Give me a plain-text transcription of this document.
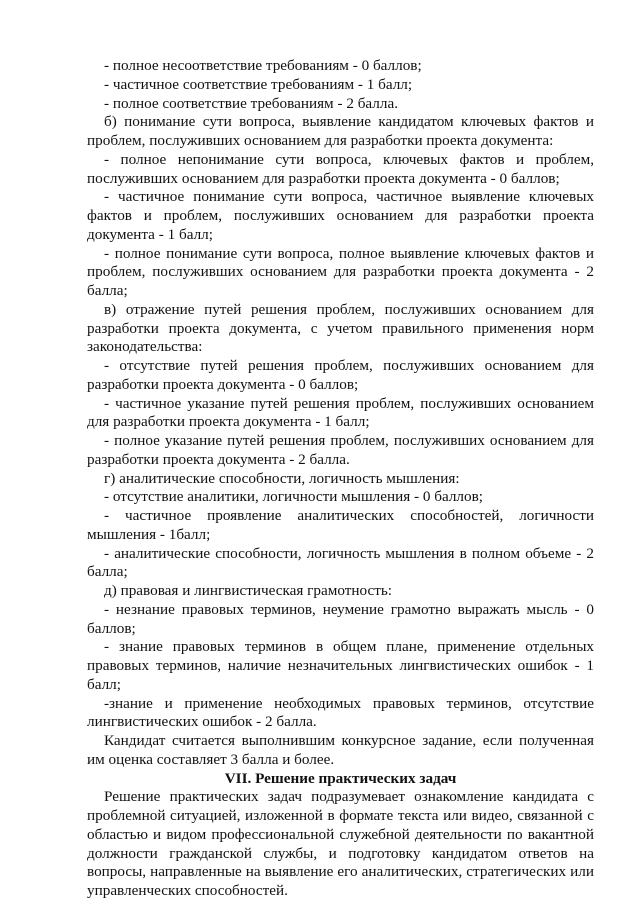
- полное несоответствие требованиям - 0 баллов;

- частичное соответствие требованиям - 1 балл;

- полное соответствие требованиям - 2 балла.

б) понимание сути вопроса, выявление кандидатом ключевых фактов и проблем, послуживших основанием для разработки проекта документа:

- полное непонимание сути вопроса, ключевых фактов и проблем, послуживших основанием для разработки проекта документа - 0 баллов;

- частичное понимание сути вопроса, частичное выявление ключевых фактов и проблем, послуживших основанием для разработки проекта документа - 1 балл;

- полное понимание сути вопроса, полное выявление ключевых фактов и проблем, послуживших основанием для разработки проекта документа - 2 балла;

в) отражение путей решения проблем, послуживших основанием для разработки проекта документа, с учетом правильного применения норм законодательства:

- отсутствие путей решения проблем, послуживших основанием для разработки проекта документа - 0 баллов;

- частичное указание путей решения проблем, послуживших основанием для разработки проекта документа - 1 балл;

- полное указание путей решения проблем, послуживших основанием для разработки проекта документа - 2 балла.

г) аналитические способности, логичность мышления:

- отсутствие аналитики, логичности мышления - 0 баллов;

- частичное проявление аналитических способностей, логичности мышления - 1балл;

- аналитические способности, логичность мышления в полном объеме - 2 балла;

д) правовая и лингвистическая грамотность:

- незнание правовых терминов, неумение грамотно выражать мысль - 0 баллов;

- знание правовых терминов в общем плане, применение отдельных правовых терминов, наличие незначительных лингвистических ошибок - 1 балл;

-знание и применение необходимых правовых терминов, отсутствие лингвистических ошибок - 2 балла.

Кандидат считается выполнившим конкурсное задание, если полученная им оценка составляет 3 балла и более.

VII. Решение практических задач

Решение практических задач подразумевает ознакомление кандидата с проблемной ситуацией, изложенной в формате текста или видео, связанной с областью и видом профессиональной служебной деятельности по вакантной должности гражданской службы, и подготовку кандидатом ответов на вопросы, направленные на выявление его аналитических, стратегических или управленческих способностей.
